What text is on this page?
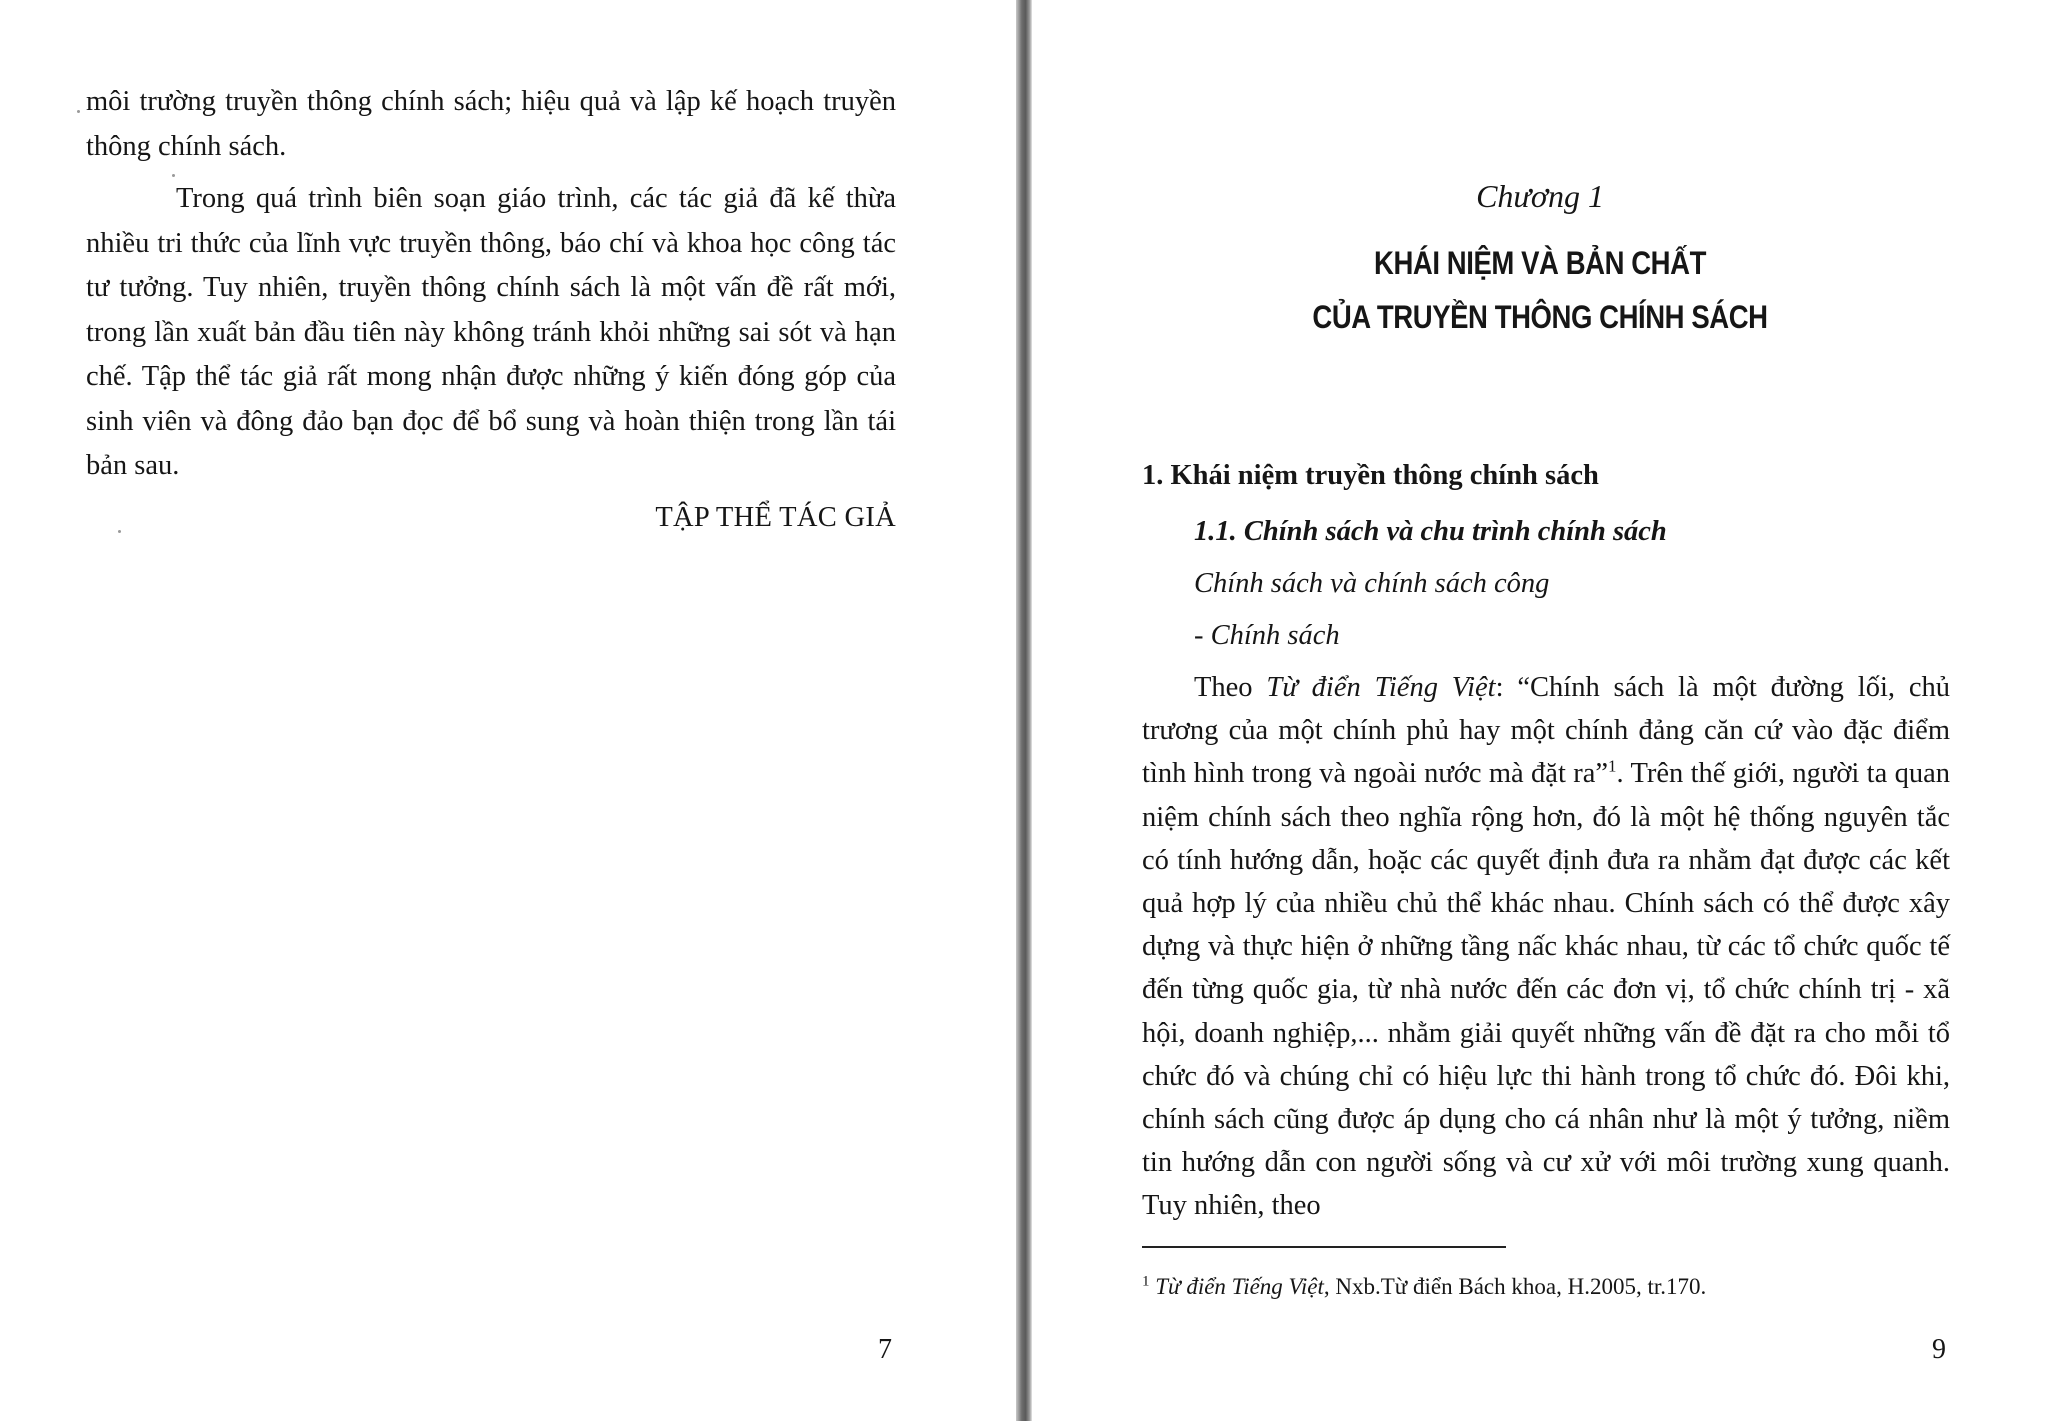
môi trường truyền thông chính sách; hiệu quả và lập kế hoạch truyền thông chính sách.

Trong quá trình biên soạn giáo trình, các tác giả đã kế thừa nhiều tri thức của lĩnh vực truyền thông, báo chí và khoa học công tác tư tưởng. Tuy nhiên, truyền thông chính sách là một vấn đề rất mới, trong lần xuất bản đầu tiên này không tránh khỏi những sai sót và hạn chế. Tập thể tác giả rất mong nhận được những ý kiến đóng góp của sinh viên và đông đảo bạn đọc để bổ sung và hoàn thiện trong lần tái bản sau.

TẬP THỂ TÁC GIẢ
7
Chương 1
KHÁI NIỆM VÀ BẢN CHẤT
CỦA TRUYỀN THÔNG CHÍNH SÁCH
1. Khái niệm truyền thông chính sách
1.1. Chính sách và chu trình chính sách
Chính sách và chính sách công
- Chính sách

Theo Từ điển Tiếng Việt: “Chính sách là một đường lối, chủ trương của một chính phủ hay một chính đảng căn cứ vào đặc điểm tình hình trong và ngoài nước mà đặt ra”$^1$. Trên thế giới, người ta quan niệm chính sách theo nghĩa rộng hơn, đó là một hệ thống nguyên tắc có tính hướng dẫn, hoặc các quyết định đưa ra nhằm đạt được các kết quả hợp lý của nhiều chủ thể khác nhau. Chính sách có thể được xây dựng và thực hiện ở những tầng nấc khác nhau, từ các tổ chức quốc tế đến từng quốc gia, từ nhà nước đến các đơn vị, tổ chức chính trị - xã hội, doanh nghiệp,... nhằm giải quyết những vấn đề đặt ra cho mỗi tổ chức đó và chúng chỉ có hiệu lực thi hành trong tổ chức đó. Đôi khi, chính sách cũng được áp dụng cho cá nhân như là một ý tưởng, niềm tin hướng dẫn con người sống và cư xử với môi trường xung quanh. Tuy nhiên, theo

$^1$ Từ điển Tiếng Việt, Nxb.Từ điển Bách khoa, H.2005, tr.170.
9
